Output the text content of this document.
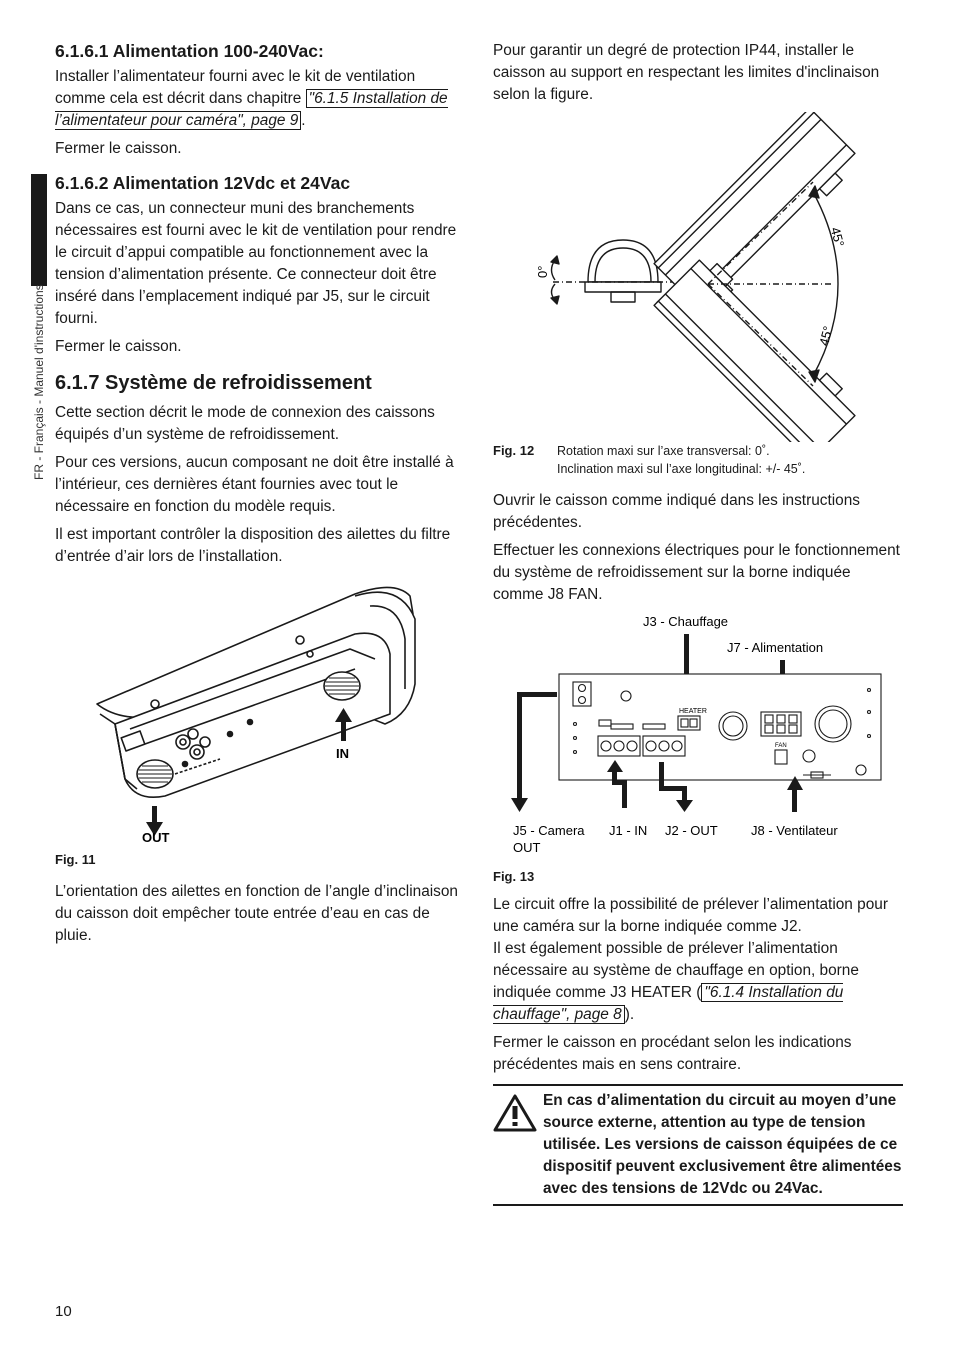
FR - Français - Manuel d'instructions
6.1.6.1 Alimentation 100-240Vac:

Installer l’alimentateur fourni avec le kit de ventilation comme cela est décrit dans chapitre "6.1.5 Installation de l’alimentateur pour caméra", page 9 .

Fermer le caisson.

6.1.6.2 Alimentation 12Vdc et 24Vac

Dans ce cas, un connecteur muni des branchements nécessaires est fourni avec le kit de ventilation pour rendre le circuit d’appui compatible au fonctionnement avec la tension d’alimentation présente. Ce connecteur doit être inséré dans l’emplacement indiqué par J5, sur le circuit fourni.

Fermer le caisson.

6.1.7 Système de refroidissement

Cette section décrit le mode de connexion des caissons équipés d’un système de refroidissement.

Pour ces versions, aucun composant ne doit être installé à l’intérieur, ces dernières étant fournies avec tout le nécessaire en fonction du modèle requis.

Il est important contrôler la disposition des ailettes du filtre d’entrée d’air lors de l’installation.

IN
OUT
Fig. 11

L’orientation des ailettes en fonction de l’angle d’inclinaison du caisson doit empêcher toute entrée d’eau en cas de pluie.

Pour garantir un degré de protection IP44, installer le caisson au support en respectant les limites d'inclinaison selon la figure.

0°
45°
45°
Fig. 12	Rotation maxi sur l’axe transversal: 0˚.
Inclination maxi sul l’axe longitudinal: +/- 45˚.

Ouvrir le caisson comme indiqué dans les instructions précédentes.

Effectuer les connexions électriques pour le fonctionnement du système de refroidissement sur la borne indiquée comme J8 FAN.

J3 - Chauffage
J7 - Alimentation
HEATER
FAN
J5 - Camera
OUT
J1 - IN J2 - OUT	J8 - Ventilateur
Fig. 13

Le circuit offre la possibilité de prélever l’alimentation pour une caméra sur la borne indiquée comme J2.

Il est également possible de prélever l’alimentation nécessaire au système de chauffage en option, borne indiquée comme J3 HEATER ( "6.1.4 Installation du chauffage", page 8 ).

Fermer le caisson en procédant selon les indications précédentes mais en sens contraire.

En cas d’alimentation du circuit au moyen d’une source externe, attention au type de tension utilisée. Les versions de caisson équipées de ce dispositif peuvent exclusivement être alimentées avec des tensions de 12Vdc ou 24Vac.
10
